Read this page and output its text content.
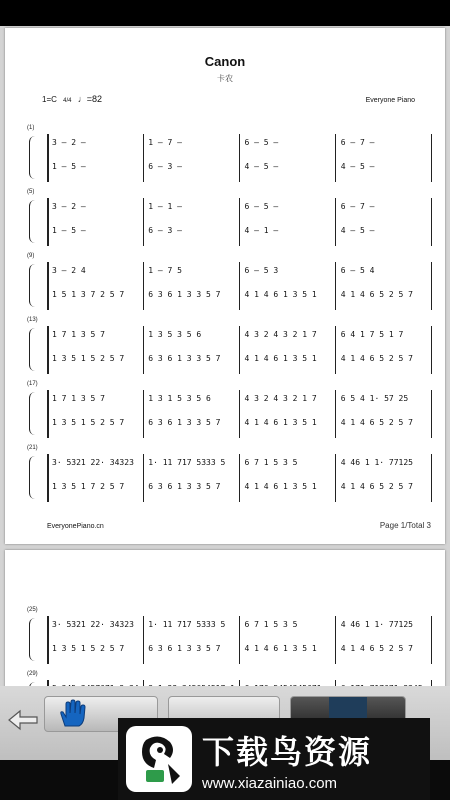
Canon
卡农
1=C 4/4 ♩=82	Everyone Piano
(1)
3 – 2 –	1 – 7 –	6 – 5 –	6 – 7 –
1 – 5 –	6 – 3 –	4 – 5 –	4 – 5 –
(5)
3 – 2 –	1 – 1 –	6 – 5 –	6 – 7 –
1 – 5 –	6 – 3 –	4 – 1 –	4 – 5 –
(9)
3 – 2 4	1 – 7 5	6 – 5 3	6 – 5 4
1 5 1 3 7 2 5 7	6 3 6 1 3 3 5 7	4 1 4 6 1 3 5 1	4 1 4 6 5 2 5 7
(13)
1 7 1 3 5 7	1 3 5 3 5 6	4 3 2 4 3 2 1 7	6 4 1 7 5 1 7
1 3 5 1 5 2 5 7	6 3 6 1 3 3 5 7	4 1 4 6 1 3 5 1	4 1 4 6 5 2 5 7
(17)
1 7 1 3 5 7	1 3 1 5 3 5 6	4 3 2 4 3 2 1 7	6 5 4 1· 57 25
1 3 5 1 5 2 5 7	6 3 6 1 3 3 5 7	4 1 4 6 1 3 5 1	4 1 4 6 5 2 5 7
(21)
3· 5321 22· 34323	1· 11 717 5333 5	6 7 1 5 3 5	4 46 1 1· 77125
1 3 5 1 7 2 5 7	6 3 6 1 3 3 5 7	4 1 4 6 1 3 5 1	4 1 4 6 5 2 5 7
EveryonePiano.cn	Page 1/Total 3
(25)
3· 5321 22· 34323	1· 11 717 5333 5	6 7 1 5 3 5	4 46 1 1· 77125
1 3 5 1 5 2 5 7	6 3 6 1 3 3 5 7	4 1 4 6 1 3 5 1	4 1 4 6 5 2 5 7
(29)
下载鸟资源
www.xiazainiao.com
